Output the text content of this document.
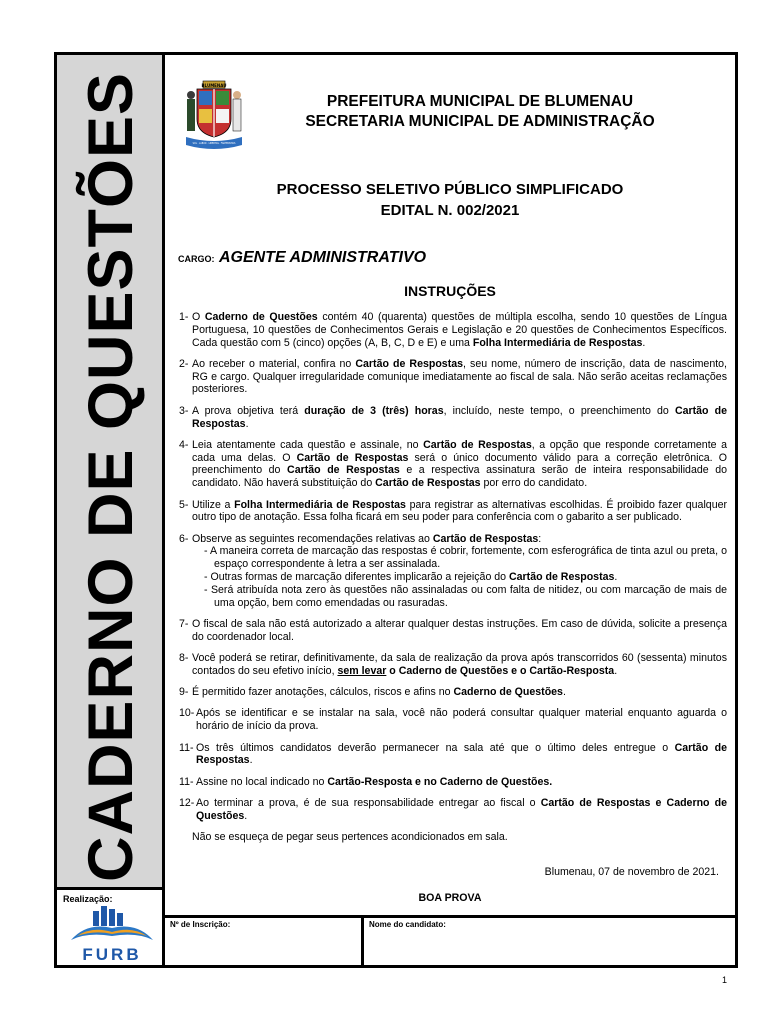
CADERNO DE QUESTÕES
Realização:
FURB
SOL · LABOR · LIBERTAS · FRATERNITAS
BLUMENAU
PREFEITURA MUNICIPAL DE BLUMENAU
SECRETARIA MUNICIPAL DE ADMINISTRAÇÃO
PROCESSO SELETIVO PÚBLICO SIMPLIFICADO
EDITAL N. 002/2021
CARGO: AGENTE ADMINISTRATIVO
INSTRUÇÕES
1- O Caderno de Questões contém 40 (quarenta) questões de múltipla escolha, sendo 10 questões de Língua Portuguesa, 10 questões de Conhecimentos Gerais e Legislação e 20 questões de Conhecimentos Específicos. Cada questão com 5 (cinco) opções (A, B, C, D e E) e uma Folha Intermediária de Respostas.
2- Ao receber o material, confira no Cartão de Respostas, seu nome, número de inscrição, data de nascimento, RG e cargo. Qualquer irregularidade comunique imediatamente ao fiscal de sala. Não serão aceitas reclamações posteriores.
3- A prova objetiva terá duração de 3 (três) horas, incluído, neste tempo, o preenchimento do Cartão de Respostas.
4- Leia atentamente cada questão e assinale, no Cartão de Respostas, a opção que responde corretamente a cada uma delas. O Cartão de Respostas será o único documento válido para a correção eletrônica. O preenchimento do Cartão de Respostas e a respectiva assinatura serão de inteira responsabilidade do candidato. Não haverá substituição do Cartão de Respostas por erro do candidato.
5- Utilize a Folha Intermediária de Respostas para registrar as alternativas escolhidas. É proibido fazer qualquer outro tipo de anotação. Essa folha ficará em seu poder para conferência com o gabarito a ser publicado.
6- Observe as seguintes recomendações relativas ao Cartão de Respostas:
- A maneira correta de marcação das respostas é cobrir, fortemente, com esferográfica de tinta azul ou preta, o espaço correspondente à letra a ser assinalada.
- Outras formas de marcação diferentes implicarão a rejeição do Cartão de Respostas.
- Será atribuída nota zero às questões não assinaladas ou com falta de nitidez, ou com marcação de mais de uma opção, bem como emendadas ou rasuradas.
7- O fiscal de sala não está autorizado a alterar qualquer destas instruções. Em caso de dúvida, solicite a presença do coordenador local.
8- Você poderá se retirar, definitivamente, da sala de realização da prova após transcorridos 60 (sessenta) minutos contados do seu efetivo início, sem levar o Caderno de Questões e o Cartão-Resposta.
9- É permitido fazer anotações, cálculos, riscos e afins no Caderno de Questões.
10- Após se identificar e se instalar na sala, você não poderá consultar qualquer material enquanto aguarda o horário de início da prova.
11- Os três últimos candidatos deverão permanecer na sala até que o último deles entregue o Cartão de Respostas.
11- Assine no local indicado no Cartão-Resposta e no Caderno de Questões.
12- Ao terminar a prova, é de sua responsabilidade entregar ao fiscal o Cartão de Respostas e Caderno de Questões.
Não se esqueça de pegar seus pertences acondicionados em sala.
Blumenau, 07 de novembro de 2021.
BOA PROVA
Nº de Inscrição:	Nome do candidato:
1
